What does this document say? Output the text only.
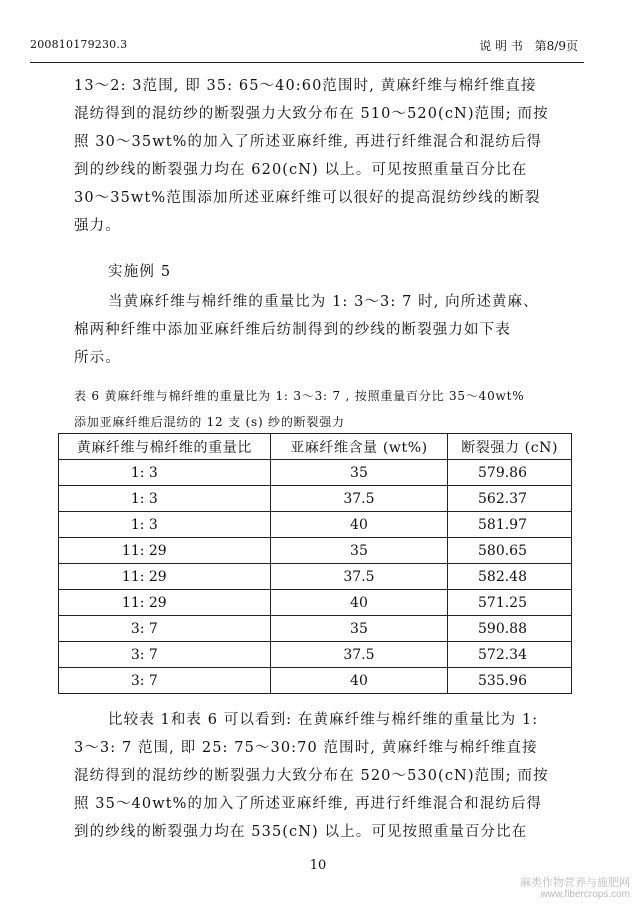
200810179230.3	说 明 书 第8/9页
13～2: 3范围, 即 35: 65～40:60范围时, 黄麻纤维与棉纤维直接
混纺得到的混纺纱的断裂强力大致分布在 510～520(cN)范围; 而按
照 30～35wt%的加入了所述亚麻纤维, 再进行纤维混合和混纺后得
到的纱线的断裂强力均在 620(cN) 以上。可见按照重量百分比在
30～35wt%范围添加所述亚麻纤维可以很好的提高混纺纱线的断裂
强力。
实施例 5
当黄麻纤维与棉纤维的重量比为 1: 3～3: 7 时, 向所述黄麻、
棉两种纤维中添加亚麻纤维后纺制得到的纱线的断裂强力如下表
所示。
表 6 黄麻纤维与棉纤维的重量比为 1: 3～3: 7 , 按照重量百分比 35～40wt%
添加亚麻纤维后混纺的 12 支 (s) 纱的断裂强力
黄麻纤维与棉纤维的重量比	亚麻纤维含量 (wt%)	断裂强力 (cN)
1: 3	35	579.86
1: 3	37.5	562.37
1: 3	40	581.97
11: 29	35	580.65
11: 29	37.5	582.48
11: 29	40	571.25
3: 7	35	590.88
3: 7	37.5	572.34
3: 7	40	535.96
比较表 1和表 6 可以看到: 在黄麻纤维与棉纤维的重量比为 1:
3～3: 7 范围, 即 25: 75～30:70 范围时, 黄麻纤维与棉纤维直接
混纺得到的混纺纱的断裂强力大致分布在 520～530(cN)范围; 而按
照 35～40wt%的加入了所述亚麻纤维, 再进行纤维混合和混纺后得
到的纱线的断裂强力均在 535(cN) 以上。可见按照重量百分比在
10
麻类作物营养与施肥网
www.fibercrops.com
